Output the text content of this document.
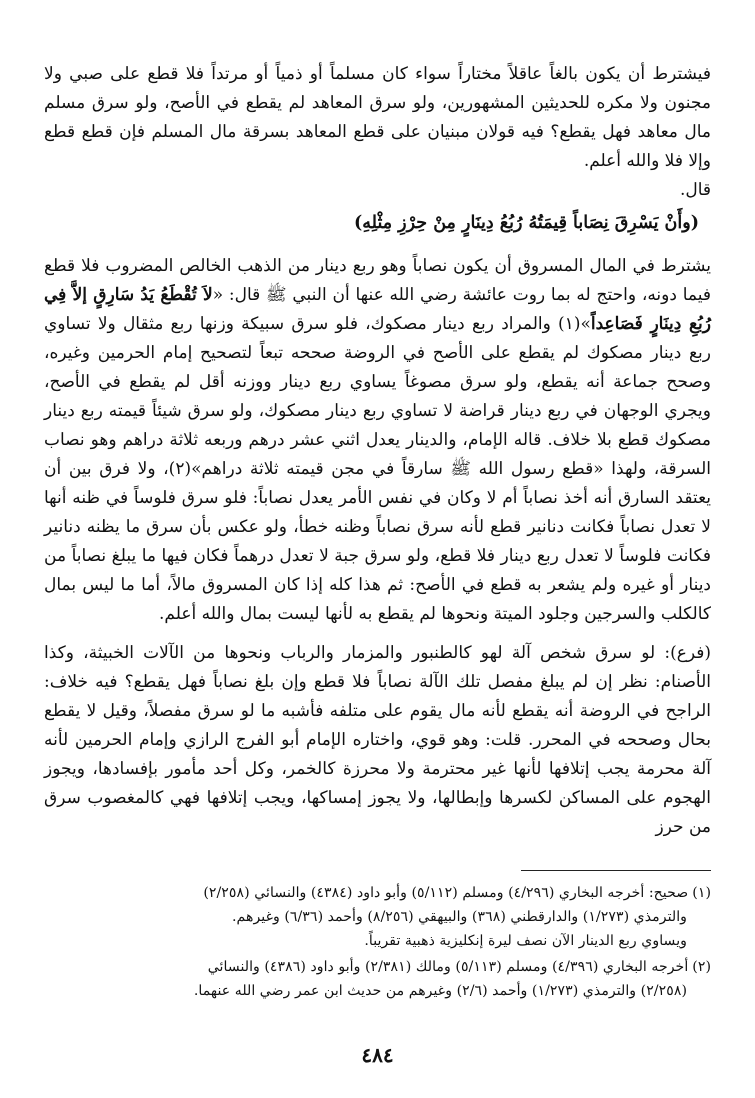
فيشترط أن يكون بالغاً عاقلاً مختاراً سواء كان مسلماً أو ذمياً أو مرتداً فلا قطع على صبي ولا مجنون ولا مكره للحديثين المشهورين، ولو سرق المعاهد لم يقطع في الأصح، ولو سرق مسلم مال معاهد فهل يقطع؟ فيه قولان مبنيان على قطع المعاهد بسرقة مال المسلم فإن قطع قطع وإلا فلا والله أعلم.

قال.

(وأَنْ يَسْرِقَ نِصَاباً قِيمَتُهُ رُبُعُ دِينَارٍ مِنْ حِرْزِ مِثْلِهِ)

يشترط في المال المسروق أن يكون نصاباً وهو ربع دينار من الذهب الخالص المضروب فلا قطع فيما دونه، واحتج له بما روت عائشة رضي الله عنها أن النبي ﷺ قال: «لاَ تُقْطَعُ يَدُ سَارِقٍ إلاَّ فِي رُبُعِ دِينَارٍ فَصَاعِداً»(١) والمراد ربع دينار مصكوك، فلو سرق سبيكة وزنها ربع مثقال ولا تساوي ربع دينار مصكوك لم يقطع على الأصح في الروضة صححه تبعاً لتصحيح إمام الحرمين وغيره، وصحح جماعة أنه يقطع، ولو سرق مصوغاً يساوي ربع دينار ووزنه أقل لم يقطع في الأصح، ويجري الوجهان في ربع دينار قراضة لا تساوي ربع دينار مصكوك، ولو سرق شيئاً قيمته ربع دينار مصكوك قطع بلا خلاف. قاله الإمام، والدينار يعدل اثني عشر درهم وربعه ثلاثة دراهم وهو نصاب السرقة، ولهذا «قطع رسول الله ﷺ سارقاً في مجن قيمته ثلاثة دراهم»(٢)، ولا فرق بين أن يعتقد السارق أنه أخذ نصاباً أم لا وكان في نفس الأمر يعدل نصاباً: فلو سرق فلوساً في ظنه أنها لا تعدل نصاباً فكانت دنانير قطع لأنه سرق نصاباً وظنه خطأ، ولو عكس بأن سرق ما يظنه دنانير فكانت فلوساً لا تعدل ربع دينار فلا قطع، ولو سرق جبة لا تعدل درهماً فكان فيها ما يبلغ نصاباً من دينار أو غيره ولم يشعر به قطع في الأصح: ثم هذا كله إذا كان المسروق مالاً، أما ما ليس بمال كالكلب والسرجين وجلود الميتة ونحوها لم يقطع به لأنها ليست بمال والله أعلم.

(فرع): لو سرق شخص آلة لهو كالطنبور والمزمار والرباب ونحوها من الآلات الخبيثة، وكذا الأصنام: نظر إن لم يبلغ مفصل تلك الآلة نصاباً فلا قطع وإن بلغ نصاباً فهل يقطع؟ فيه خلاف: الراجح في الروضة أنه يقطع لأنه مال يقوم على متلفه فأشبه ما لو سرق مفصلاً، وقيل لا يقطع بحال وصححه في المحرر. قلت: وهو قوي، واختاره الإمام أبو الفرج الرازي وإمام الحرمين لأنه آلة محرمة يجب إتلافها لأنها غير محترمة ولا محرزة كالخمر، وكل أحد مأمور بإفسادها، ويجوز الهجوم على المساكن لكسرها وإبطالها، ولا يجوز إمساكها، ويجب إتلافها فهي كالمغصوب سرق من حرز

(١)صحيح: أخرجه البخاري (٤/٢٩٦) ومسلم (٥/١١٢) وأبو داود (٤٣٨٤) والنسائي (٢/٢٥٨)

والترمذي (١/٢٧٣) والدارقطني (٣٦٨) والبيهقي (٨/٢٥٦) وأحمد (٦/٣٦) وغيرهم.

ويساوي ربع الدينار الآن نصف ليرة إنكليزية ذهبية تقريباً.

(٢)أخرجه البخاري (٤/٣٩٦) ومسلم (٥/١١٣) ومالك (٢/٣٨١) وأبو داود (٤٣٨٦) والنسائي

(٢/٢٥٨) والترمذي (١/٢٧٣) وأحمد (٢/٦) وغيرهم من حديث ابن عمر رضي الله عنهما.

٤٨٤
